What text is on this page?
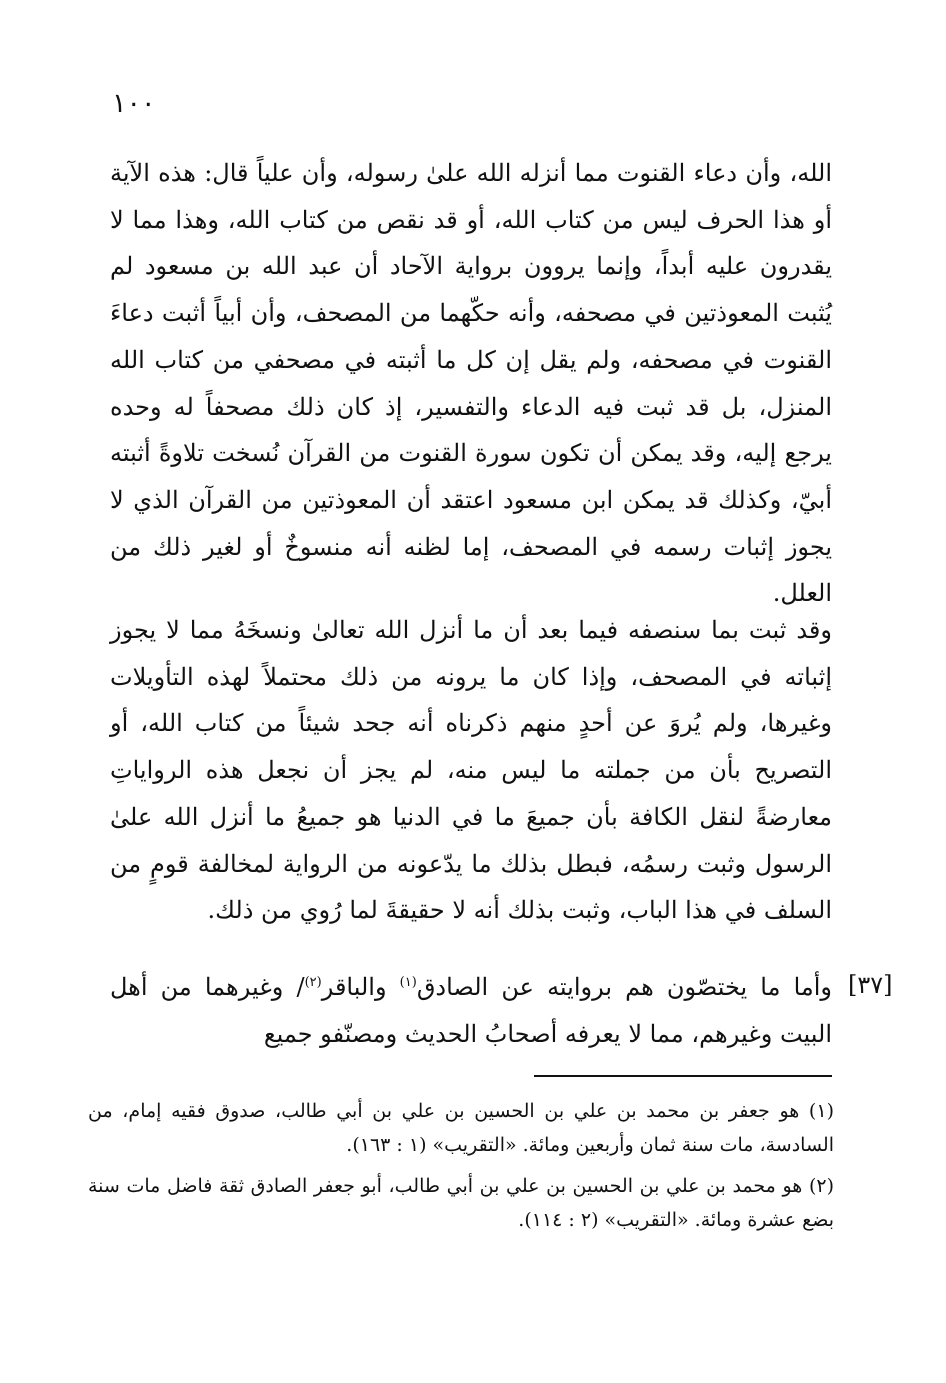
١٠٠

الله، وأن دعاء القنوت مما أنزله الله علىٰ رسوله، وأن علياً قال: هذه الآية أو هذا الحرف ليس من كتاب الله، أو قد نقص من كتاب الله، وهذا مما لا يقدرون عليه أبداً، وإنما يروون برواية الآحاد أن عبد الله بن مسعود لم يُثبت المعوذتين في مصحفه، وأنه حكّهما من المصحف، وأن أبياً أثبت دعاءَ القنوت في مصحفه، ولم يقل إن كل ما أثبته في مصحفي من كتاب الله المنزل، بل قد ثبت فيه الدعاء والتفسير، إذ كان ذلك مصحفاً له وحده يرجع إليه، وقد يمكن أن تكون سورة القنوت من القرآن نُسخت تلاوةً أثبته أبيّ، وكذلك قد يمكن ابن مسعود اعتقد أن المعوذتين من القرآن الذي لا يجوز إثبات رسمه في المصحف، إما لظنه أنه منسوخٌ أو لغير ذلك من العلل.

وقد ثبت بما سنصفه فيما بعد أن ما أنزل الله تعالىٰ ونسخَهُ مما لا يجوز إثباته في المصحف، وإذا كان ما يرونه من ذلك محتملاً لهذه التأويلات وغيرها، ولم يُروَ عن أحدٍ منهم ذكرناه أنه جحد شيئاً من كتاب الله، أو التصريح بأن من جملته ما ليس منه، لم يجز أن نجعل هذه الرواياتِ معارضةً لنقل الكافة بأن جميعَ ما في الدنيا هو جميعُ ما أنزل الله علىٰ الرسول وثبت رسمُه، فبطل بذلك ما يدّعونه من الرواية لمخالفة قومٍ من السلف في هذا الباب، وثبت بذلك أنه لا حقيقةَ لما رُوي من ذلك.

[٣٧]

وأما ما يختصّون هم بروايته عن الصادق$^{(١)}$ والباقر$^{(٢)}$/ وغيرهما من أهل البيت وغيرهم، مما لا يعرفه أصحابُ الحديث ومصنّفو جميع

(١) هو جعفر بن محمد بن علي بن الحسين بن علي بن أبي طالب، صدوق فقيه إمام، من السادسة، مات سنة ثمان وأربعين ومائة. «التقريب» (١ : ١٦٣).

(٢) هو محمد بن علي بن الحسين بن علي بن أبي طالب، أبو جعفر الصادق ثقة فاضل مات سنة بضع عشرة ومائة. «التقريب» (٢ : ١١٤).
